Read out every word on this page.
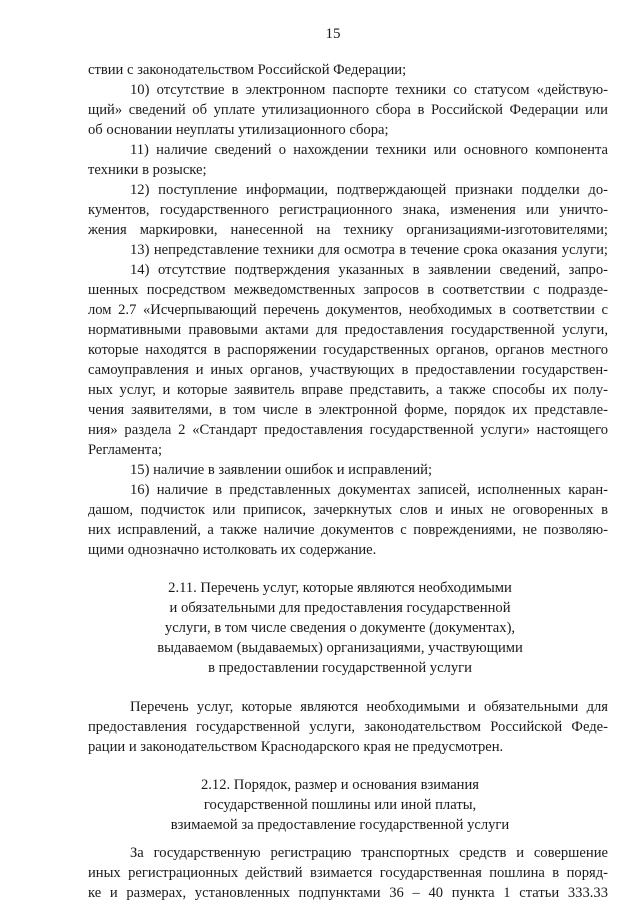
15

ствии с законодательством Российской Федерации;

10) отсутствие в электронном паспорте техники со статусом «действую-

щий» сведений об уплате утилизационного сбора в Российской Федерации или

об основании неуплаты утилизационного сбора;

11) наличие сведений о нахождении техники или основного компонента

техники в розыске;

12) поступление информации, подтверждающей признаки подделки до-

кументов, государственного регистрационного знака, изменения или уничто-

жения маркировки, нанесенной на технику организациями-изготовителями;

13) непредставление техники для осмотра в течение срока оказания услуги;

14) отсутствие подтверждения указанных в заявлении сведений, запро-

шенных посредством межведомственных запросов в соответствии с подразде-

лом 2.7 «Исчерпывающий перечень документов, необходимых в соответствии с

нормативными правовыми актами для предоставления государственной услуги,

которые находятся в распоряжении государственных органов, органов местного

самоуправления и иных органов, участвующих в предоставлении государствен-

ных услуг, и которые заявитель вправе представить, а также способы их полу-

чения заявителями, в том числе в электронной форме, порядок их представле-

ния» раздела 2 «Стандарт предоставления государственной услуги» настоящего

Регламента;

15) наличие в заявлении ошибок и исправлений;

16) наличие в представленных документах записей, исполненных каран-

дашом, подчисток или приписок, зачеркнутых слов и иных не оговоренных в

них исправлений, а также наличие документов с повреждениями, не позволяю-

щими однозначно истолковать их содержание.

2.11. Перечень услуг, которые являются необходимыми

и обязательными для предоставления государственной

услуги, в том числе сведения о документе (документах),

выдаваемом (выдаваемых) организациями, участвующими

в предоставлении государственной услуги

Перечень услуг, которые являются необходимыми и обязательными для

предоставления государственной услуги, законодательством Российской Феде-

рации и законодательством Краснодарского края не предусмотрен.

2.12. Порядок, размер и основания взимания

государственной пошлины или иной платы,

взимаемой за предоставление государственной услуги

За государственную регистрацию транспортных средств и совершение

иных регистрационных действий взимается государственная пошлина в поряд-

ке и размерах, установленных подпунктами 36 – 40 пункта 1 статьи 333.33
